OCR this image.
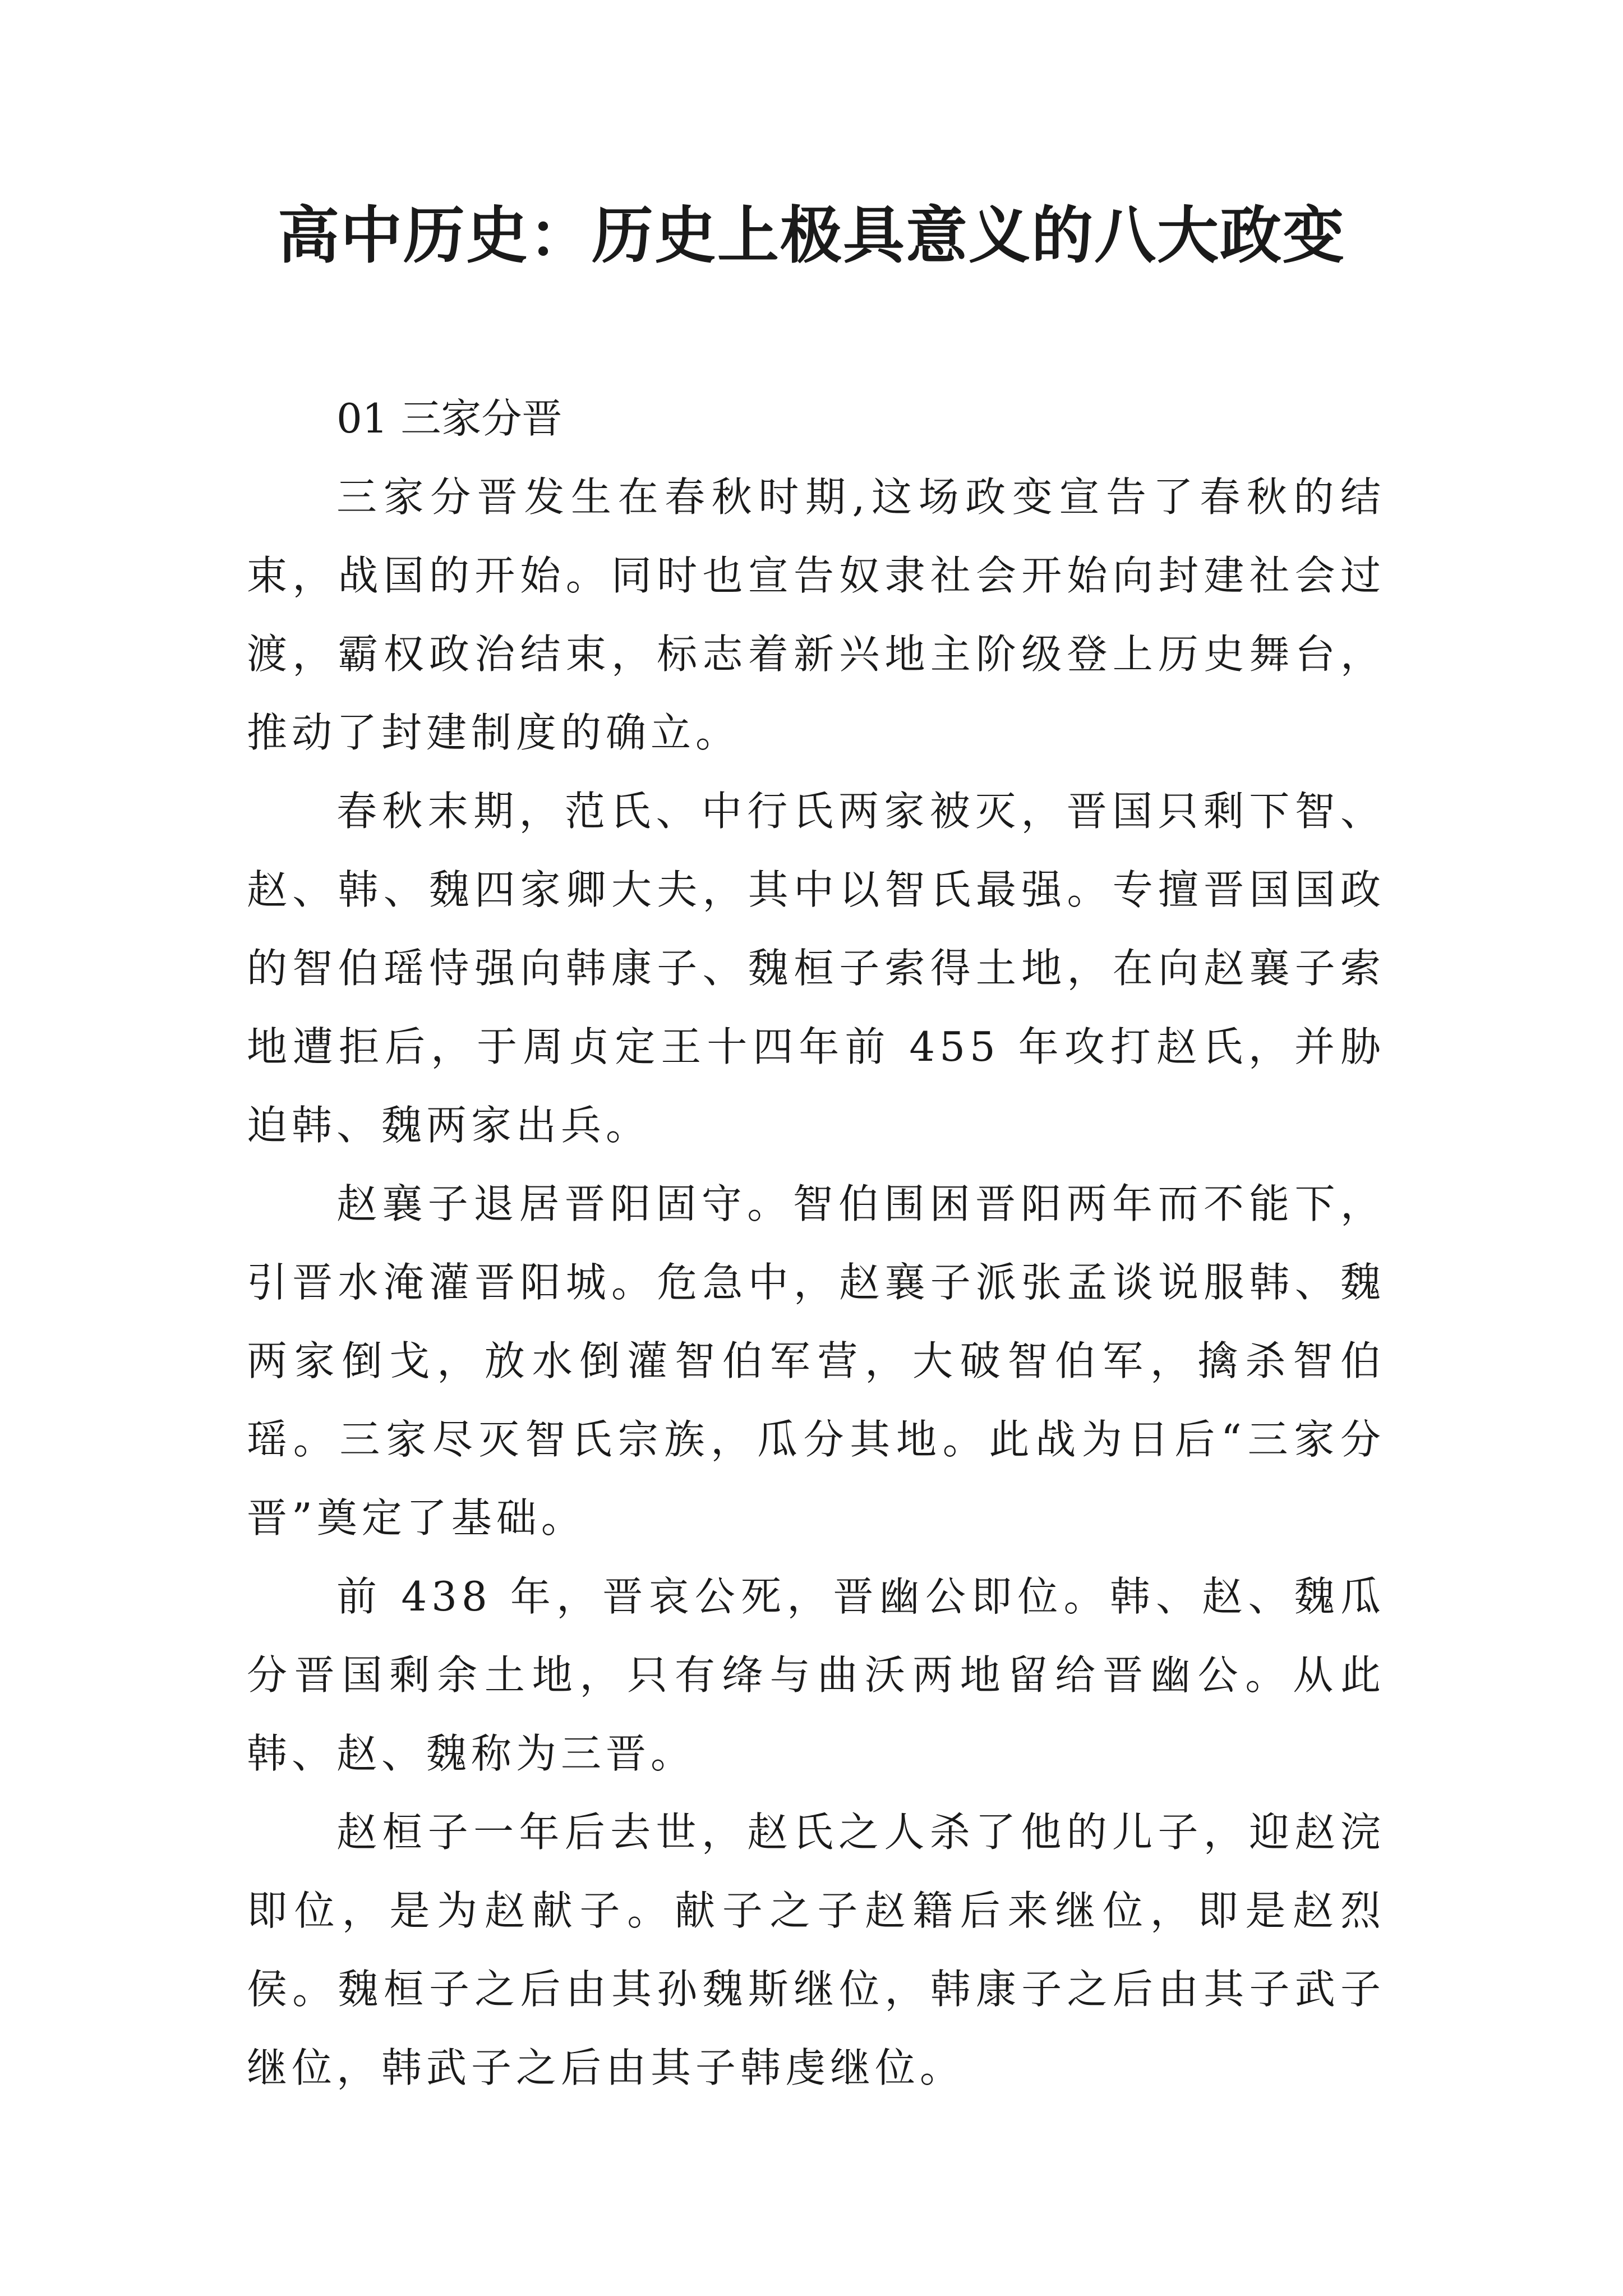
高中历史：历史上极具意义的八大政变
01 三家分晋

三家分晋发生在春秋时期,这场政变宣告了春秋的结束，战国的开始。同时也宣告奴隶社会开始向封建社会过渡，霸权政治结束，标志着新兴地主阶级登上历史舞台，推动了封建制度的确立。

春秋末期，范氏、中行氏两家被灭，晋国只剩下智、赵、韩、魏四家卿大夫，其中以智氏最强。专擅晋国国政的智伯瑶恃强向韩康子、魏桓子索得土地，在向赵襄子索地遭拒后，于周贞定王十四年前 455 年攻打赵氏，并胁迫韩、魏两家出兵。

赵襄子退居晋阳固守。智伯围困晋阳两年而不能下，引晋水淹灌晋阳城。危急中，赵襄子派张孟谈说服韩、魏两家倒戈，放水倒灌智伯军营，大破智伯军，擒杀智伯瑶。三家尽灭智氏宗族，瓜分其地。此战为日后“三家分晋”奠定了基础。

前 438 年，晋哀公死，晋幽公即位。韩、赵、魏瓜分晋国剩余土地，只有绛与曲沃两地留给晋幽公。从此韩、赵、魏称为三晋。

赵桓子一年后去世，赵氏之人杀了他的儿子，迎赵浣即位，是为赵献子。献子之子赵籍后来继位，即是赵烈侯。魏桓子之后由其孙魏斯继位，韩康子之后由其子武子继位，韩武子之后由其子韩虔继位。
